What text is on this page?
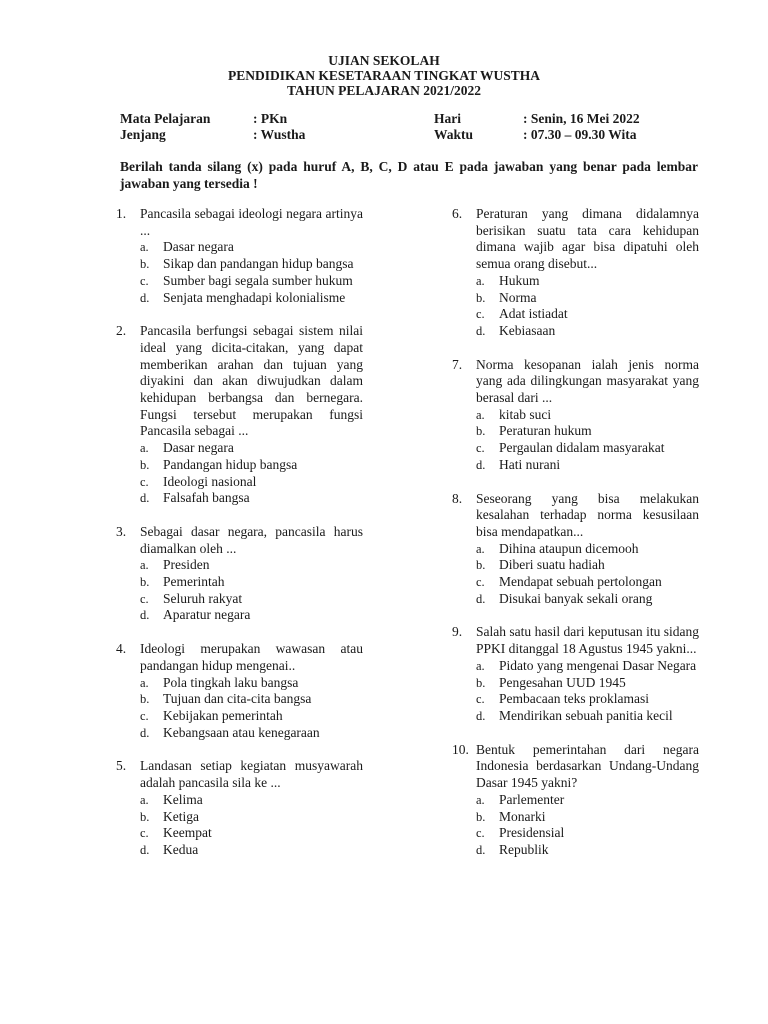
UJIAN SEKOLAH
PENDIDIKAN KESETARAAN TINGKAT WUSTHA
TAHUN PELAJARAN 2021/2022
Mata Pelajaran	: PKn	Hari	: Senin, 16 Mei 2022
Jenjang	: Wustha	Waktu	: 07.30 – 09.30 Wita
Berilah tanda silang (x) pada huruf A, B, C, D atau E pada jawaban yang benar pada lembar jawaban yang tersedia !
1.	Pancasila sebagai ideologi negara artinya ...
a.	Dasar negara
b.	Sikap dan pandangan hidup bangsa
c.	Sumber bagi segala sumber hukum
d.	Senjata menghadapi kolonialisme
2.	Pancasila berfungsi sebagai sistem nilai ideal yang dicita-citakan, yang dapat memberikan arahan dan tujuan yang diyakini dan akan diwujudkan dalam kehidupan berbangsa dan bernegara. Fungsi tersebut merupakan fungsi Pancasila sebagai ...
a.	Dasar negara
b.	Pandangan hidup bangsa
c.	Ideologi nasional
d.	Falsafah bangsa
3.	Sebagai dasar negara, pancasila harus diamalkan oleh ...
a.	Presiden
b.	Pemerintah
c.	Seluruh rakyat
d.	Aparatur negara
4.	Ideologi merupakan wawasan atau pandangan hidup mengenai..
a.	Pola tingkah laku bangsa
b.	Tujuan dan cita-cita bangsa
c.	Kebijakan pemerintah
d.	Kebangsaan atau kenegaraan
5.	Landasan setiap kegiatan musyawarah adalah pancasila sila ke ...
a.	Kelima
b.	Ketiga
c.	Keempat
d.	Kedua
6.	Peraturan yang dimana didalamnya berisikan suatu tata cara kehidupan dimana wajib agar bisa dipatuhi oleh semua orang disebut...
a.	Hukum
b.	Norma
c.	Adat istiadat
d.	Kebiasaan
7.	Norma kesopanan ialah jenis norma yang ada dilingkungan masyarakat yang berasal dari ...
a.	kitab suci
b.	Peraturan hukum
c.	Pergaulan didalam masyarakat
d.	Hati nurani
8.	Seseorang yang bisa melakukan kesalahan terhadap norma kesusilaan bisa mendapatkan...
a.	Dihina ataupun dicemooh
b.	Diberi suatu hadiah
c.	Mendapat sebuah pertolongan
d.	Disukai banyak sekali orang
9.	Salah satu hasil dari keputusan itu sidang PPKI ditanggal 18 Agustus 1945 yakni...
a.	Pidato yang mengenai Dasar Negara
b.	Pengesahan UUD 1945
c.	Pembacaan teks proklamasi
d.	Mendirikan sebuah panitia kecil
10. Bentuk pemerintahan dari negara Indonesia berdasarkan Undang-Undang Dasar 1945 yakni?
a.	Parlementer
b.	Monarki
c.	Presidensial
d.	Republik
